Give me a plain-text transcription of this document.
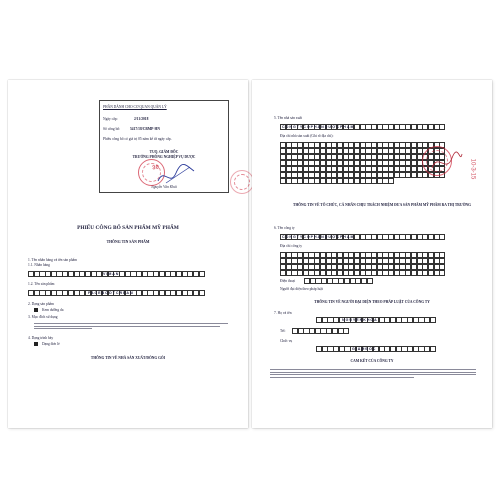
PHẦN DÀNH CHO CƠ QUAN QUẢN LÝ
Ngày cấp:	2/11/2018
Số công bố:	5417/18/CBMP-HN
Phiếu công bố có giá trị 05 năm kể từ ngày cấp.
TUQ. GIÁM ĐỐC
TRƯỞNG PHÒNG NGHIỆP VỤ DƯỢC
Nguyễn Văn Khải
30
PHIẾU CÔNG BỐ SẢN PHẨM MỸ PHẨM
THÔNG TIN SẢN PHẨM
1. Tên nhãn hàng và tên sản phẩm
1.1. Nhãn hàng
V I M A N
1.2. Tên sản phẩm
F A C E B O O T C R E A M
2. Dạng sản phẩm
Kem dưỡng da
3. Mục đích sử dụng
4. Dạng trình bày
Dạng đơn lẻ
THÔNG TIN VỀ NHÀ SẢN XUẤT/ĐÓNG GÓI
5. Tên nhà sản xuất
C Ô N G T Y C Ổ P H Ầ N D Ư Ợ C P H Ẩ M
Địa chỉ nhà sản xuất (Ghi rõ địa chỉ):
10-3-15
THÔNG TIN VỀ TỔ CHỨC, CÁ NHÂN CHỊU TRÁCH NHIỆM ĐƯA SẢN PHẨM MỸ PHẨM RA THỊ TRƯỜNG
6. Tên công ty
C Ô N G T Y C Ổ P H Ầ N D Ư Ợ C P H Ẩ M
Địa chỉ công ty
Điện thoại
Người đại diện theo pháp luật
THÔNG TIN VỀ NGƯỜI ĐẠI DIỆN THEO PHÁP LUẬT CỦA CÔNG TY
7. Họ và tên
N G U Y Ễ N K H O A
Tel:
Chức vụ
G I Á M Đ Ố C
CAM KẾT CỦA CÔNG TY
